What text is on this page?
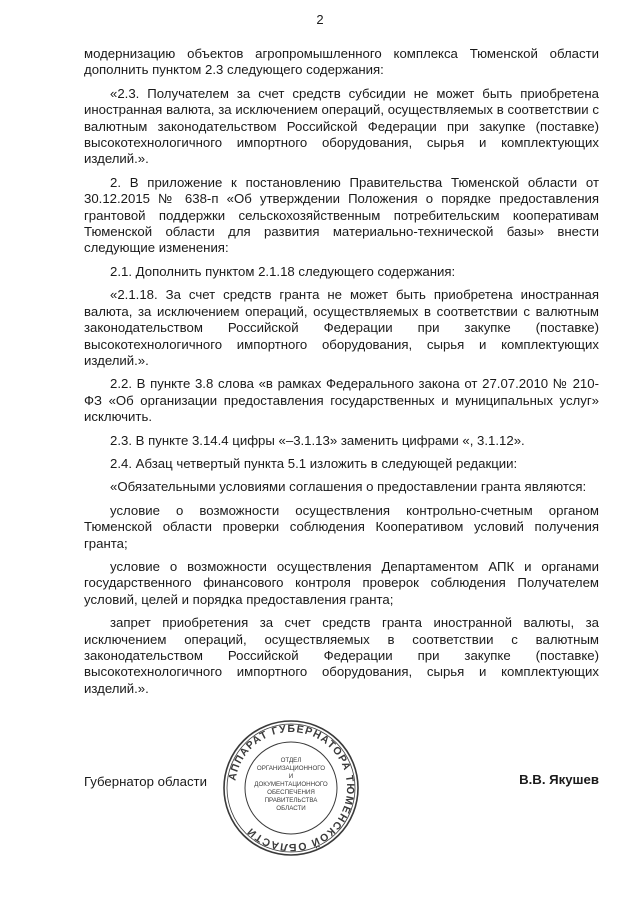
2

модернизацию объектов агропромышленного комплекса Тюменской области дополнить пунктом 2.3 следующего содержания:

«2.3. Получателем за счет средств субсидии не может быть приобретена иностранная валюта, за исключением операций, осуществляемых в соответствии с валютным законодательством Российской Федерации при закупке (поставке) высокотехнологичного импортного оборудования, сырья и комплектующих изделий.».

2. В приложение к постановлению Правительства Тюменской области от 30.12.2015 № 638-п «Об утверждении Положения о порядке предоставления грантовой поддержки сельскохозяйственным потребительским кооперативам Тюменской области для развития материально-технической базы» внести следующие изменения:

2.1. Дополнить пунктом 2.1.18 следующего содержания:

«2.1.18. За счет средств гранта не может быть приобретена иностранная валюта, за исключением операций, осуществляемых в соответствии с валютным законодательством Российской Федерации при закупке (поставке) высокотехнологичного импортного оборудования, сырья и комплектующих изделий.».

2.2. В пункте 3.8 слова «в рамках Федерального закона от 27.07.2010 № 210-ФЗ «Об организации предоставления государственных и муниципальных услуг» исключить.

2.3. В пункте 3.14.4 цифры «–3.1.13» заменить цифрами «, 3.1.12».

2.4. Абзац четвертый пункта 5.1 изложить в следующей редакции:

«Обязательными условиями соглашения о предоставлении гранта являются:

условие о возможности осуществления контрольно-счетным органом Тюменской области проверки соблюдения Кооперативом условий получения гранта;

условие о возможности осуществления Департаментом АПК и органами государственного финансового контроля проверок соблюдения Получателем условий, целей и порядка предоставления гранта;

запрет приобретения за счет средств гранта иностранной валюты, за исключением операций, осуществляемых в соответствии с валютным законодательством Российской Федерации при закупке (поставке) высокотехнологичного импортного оборудования, сырья и комплектующих изделий.».

АППАРАТ ГУБЕРНАТОРА ТЮМЕНСКОЙ ОБЛАСТИ
ОТДЕЛ
ОРГАНИЗАЦИОННОГО
И
ДОКУМЕНТАЦИОННОГО
ОБЕСПЕЧЕНИЯ
ПРАВИТЕЛЬСТВА
ОБЛАСТИ
Губернатор области	В.В. Якушев
